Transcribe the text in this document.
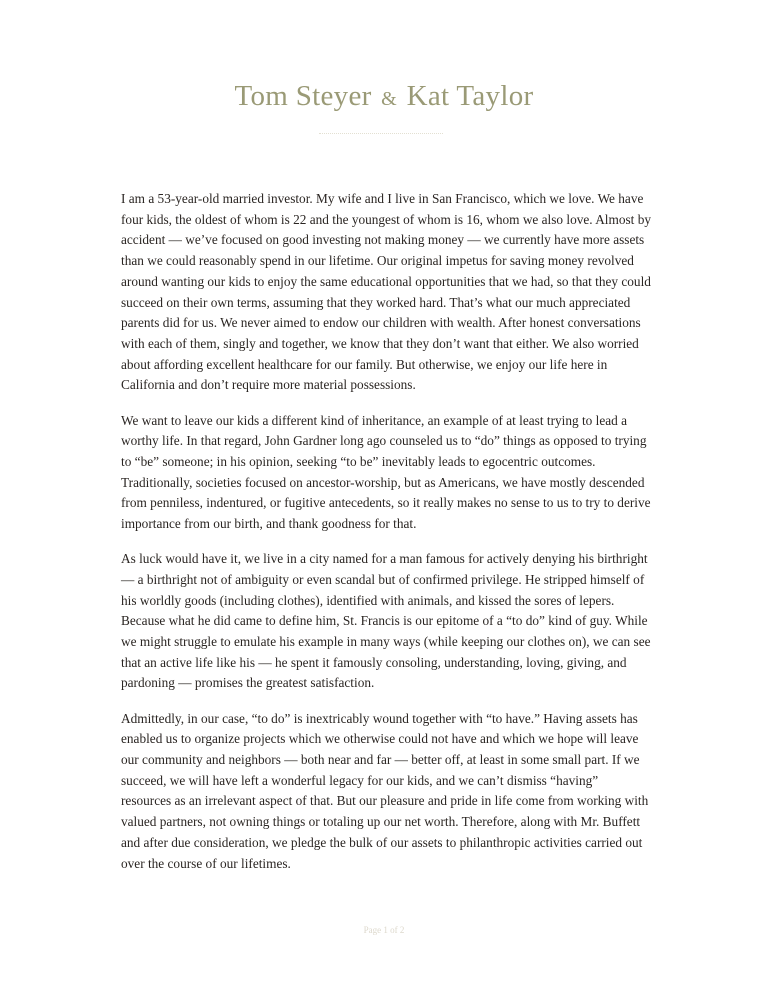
Tom Steyer & Kat Taylor

I am a 53-year-old married investor. My wife and I live in San Francisco, which we love. We have four kids, the oldest of whom is 22 and the youngest of whom is 16, whom we also love. Almost by accident — we’ve focused on good investing not making money — we currently have more assets than we could reasonably spend in our lifetime. Our original impetus for saving money revolved around wanting our kids to enjoy the same educational opportunities that we had, so that they could succeed on their own terms, assuming that they worked hard. That’s what our much appreciated parents did for us. We never aimed to endow our children with wealth. After honest conversations with each of them, singly and together, we know that they don’t want that either. We also worried about affording excellent healthcare for our family. But otherwise, we enjoy our life here in California and don’t require more material possessions.

We want to leave our kids a different kind of inheritance, an example of at least trying to lead a worthy life. In that regard, John Gardner long ago counseled us to “do” things as opposed to trying to “be” someone; in his opinion, seeking “to be” inevitably leads to egocentric outcomes. Traditionally, societies focused on ancestor-worship, but as Americans, we have mostly descended from penniless, indentured, or fugitive antecedents, so it really makes no sense to us to try to derive importance from our birth, and thank goodness for that.

As luck would have it, we live in a city named for a man famous for actively denying his birthright — a birthright not of ambiguity or even scandal but of confirmed privilege. He stripped himself of his worldly goods (including clothes), identified with animals, and kissed the sores of lepers. Because what he did came to define him, St. Francis is our epitome of a “to do” kind of guy. While we might struggle to emulate his example in many ways (while keeping our clothes on), we can see that an active life like his — he spent it famously consoling, understanding, loving, giving, and pardoning — promises the greatest satisfaction.

Admittedly, in our case, “to do” is inextricably wound together with “to have.” Having assets has enabled us to organize projects which we otherwise could not have and which we hope will leave our community and neighbors — both near and far — better off, at least in some small part. If we succeed, we will have left a wonderful legacy for our kids, and we can’t dismiss “having” resources as an irrelevant aspect of that. But our pleasure and pride in life come from working with valued partners, not owning things or totaling up our net worth. Therefore, along with Mr. Buffett and after due consideration, we pledge the bulk of our assets to philanthropic activities carried out over the course of our lifetimes.

Page 1 of 2
